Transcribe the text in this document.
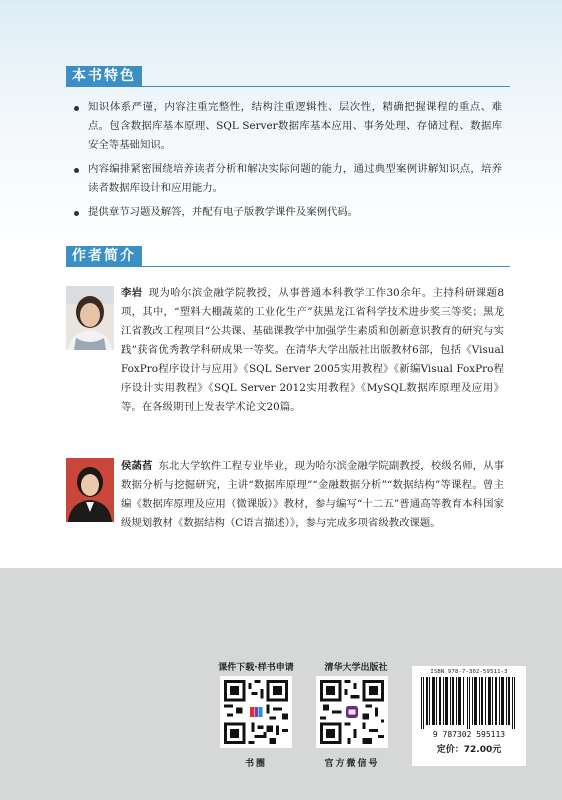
本书特色
知识体系严谨，内容注重完整性，结构注重逻辑性、层次性，精确把握课程的重点、难点。包含数据库基本原理、SQL Server数据库基本应用、事务处理、存储过程、数据库安全等基础知识。
内容编排紧密围绕培养读者分析和解决实际问题的能力，通过典型案例讲解知识点，培养读者数据库设计和应用能力。
提供章节习题及解答，并配有电子版教学课件及案例代码。
作者简介
李岩 现为哈尔滨金融学院教授，从事普通本科教学工作30余年。主持科研课题8项，其中，“塑料大棚蔬菜的工业化生产”获黑龙江省科学技术进步奖三等奖；黑龙江省教改工程项目“公共课、基础课教学中加强学生素质和创新意识教育的研究与实践”获省优秀教学科研成果一等奖。在清华大学出版社出版教材6部，包括《Visual FoxPro程序设计与应用》《SQL Server 2005实用教程》《新编Visual FoxPro程序设计实用教程》《SQL Server 2012实用教程》《MySQL数据库原理及应用》等。在各级期刊上发表学术论文20篇。
侯菡萏 东北大学软件工程专业毕业，现为哈尔滨金融学院副教授，校级名师，从事数据分析与挖掘研究，主讲“数据库原理”“金融数据分析”“数据结构”等课程。曾主编《数据库原理及应用（微课版）》教材，参与编写“十二五”普通高等教育本科国家级规划教材《数据结构（C语言描述）》，参与完成多项省级教改课题。
课件下载·样书申请
书圈
清华大学出版社
官方微信号
ISBN 978-7-302-59511-3
9 787302 595113
定价：72.00元
